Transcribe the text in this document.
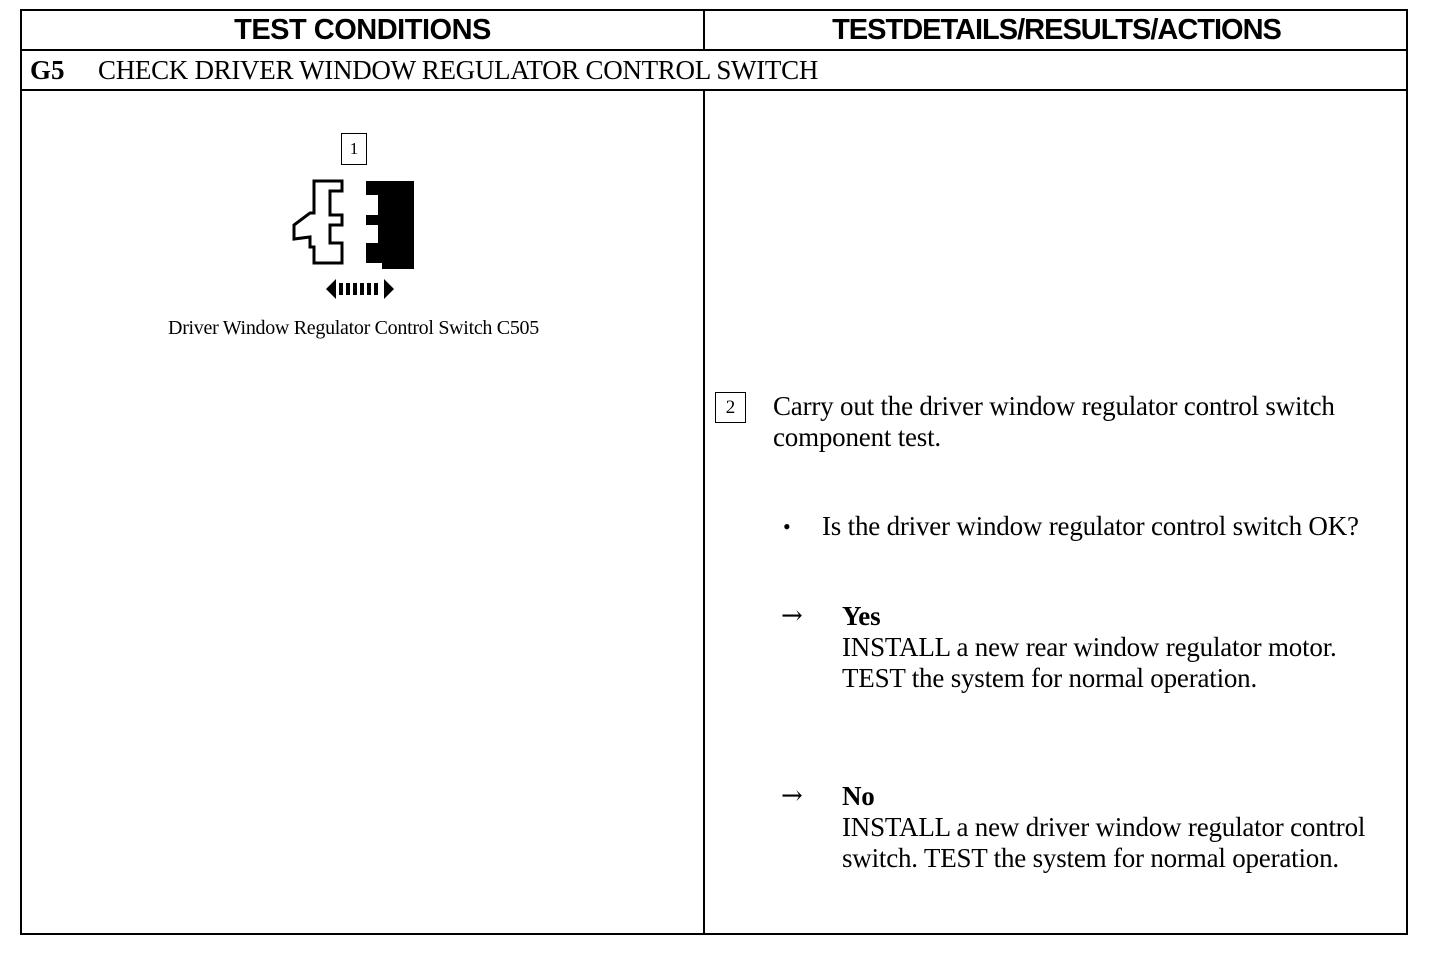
TEST CONDITIONS	TESTDETAILS/RESULTS/ACTIONS
G5 CHECK DRIVER WINDOW REGULATOR CONTROL SWITCH
1
Driver Window Regulator Control Switch C505
2	Carry out the driver window regulator control switch component test.
• Is the driver window regulator control switch OK?
→ Yes
INSTALL a new rear window regulator motor. TEST the system for normal operation.
→ No
INSTALL a new driver window regulator control switch. TEST the system for normal operation.
